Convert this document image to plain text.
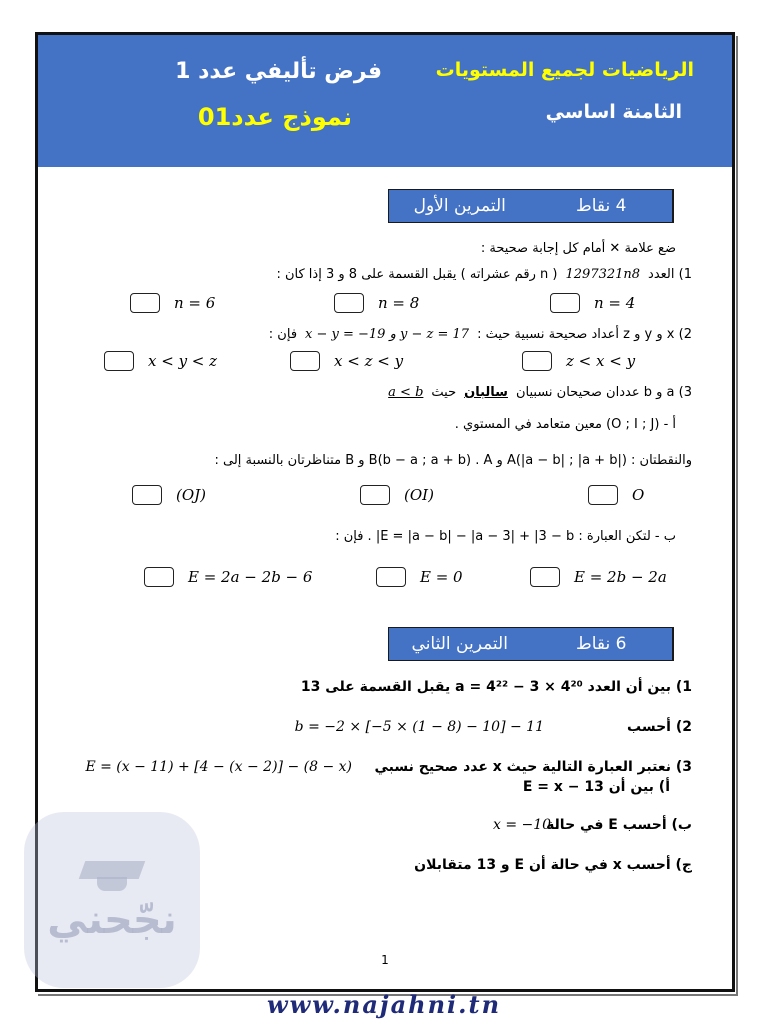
الرياضيات لجميع المستويات
الثامنة اساسي
فرض تأليفي عدد 1
نموذج عدد01
التمرين الأول	4 نقاط
ضع علامة ✕ أمام كل إجابة صحيحة :
1) العدد
1297321n8
( n رقم عشراته ) يقبل القسمة على 8 و 3 إذا كان :
n = 4
n = 8
n = 6
2) x و y و z أعداد صحيحة نسبية حيث :
x − y = −19 و y − z = 17
فإن :
z < x < y
x < z < y
x < y < z
3) a و b عددان صحيحان نسبيان
سالبان
حيث
a < b
أ - (O ; I ; J) معين متعامد في المستوي .
والنقطتان : A(|a − b| ; |a + b|) و B(b − a ; a + b) . A و B متناظرتان بالنسبة إلى :
O
(OI)
(OJ)
ب - لتكن العبارة : E = |a − b| − |a − 3| + |3 − b| . فإن :
E = 2b − 2a
E = 0
E = 2a − 2b − 6
التمرين الثاني	6 نقاط
1) بين أن العدد a = 4²² − 3 × 4²⁰ يقبل القسمة على 13
2) أحسب
b = −2 × [−5 × (1 − 8) − 10] − 11
3) نعتبر العبارة التالية حيث x عدد صحيح نسبي
E = (x − 11) + [4 − (x − 2)] − (8 − x)
أ) بين أن E = x − 13
ب) أحسب E في حالة
x = −10 .
ج) أحسب x في حالة أن E و 13 متقابلان
1
نجّحني
www.najahni.tn
